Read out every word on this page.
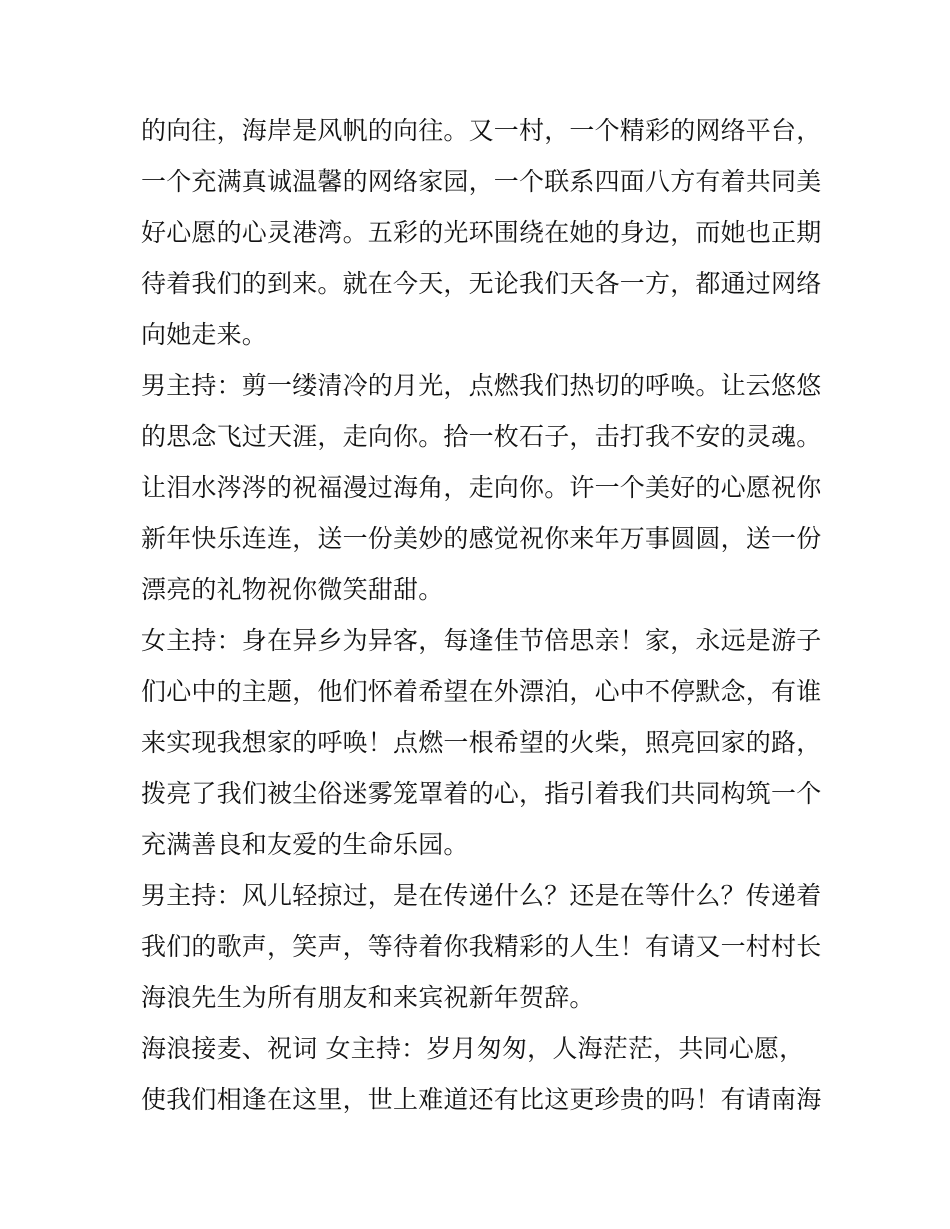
的向往，海岸是风帆的向往。又一村，一个精彩的网络平台，
一个充满真诚温馨的网络家园，一个联系四面八方有着共同美
好心愿的心灵港湾。五彩的光环围绕在她的身边，而她也正期
待着我们的到来。就在今天，无论我们天各一方，都通过网络
向她走来。
男主持：剪一缕清冷的月光，点燃我们热切的呼唤。让云悠悠
的思念飞过天涯，走向你。拾一枚石子，击打我不安的灵魂。
让泪水涔涔的祝福漫过海角，走向你。许一个美好的心愿祝你
新年快乐连连，送一份美妙的感觉祝你来年万事圆圆，送一份
漂亮的礼物祝你微笑甜甜。
女主持：身在异乡为异客，每逢佳节倍思亲！家，永远是游子
们心中的主题，他们怀着希望在外漂泊，心中不停默念，有谁
来实现我想家的呼唤！点燃一根希望的火柴，照亮回家的路，
拨亮了我们被尘俗迷雾笼罩着的心，指引着我们共同构筑一个
充满善良和友爱的生命乐园。
男主持：风儿轻掠过，是在传递什么？还是在等什么？传递着
我们的歌声，笑声，等待着你我精彩的人生！有请又一村村长
海浪先生为所有朋友和来宾祝新年贺辞。
海浪接麦、祝词 女主持：岁月匆匆，人海茫茫，共同心愿，
使我们相逢在这里，世上难道还有比这更珍贵的吗！有请南海
